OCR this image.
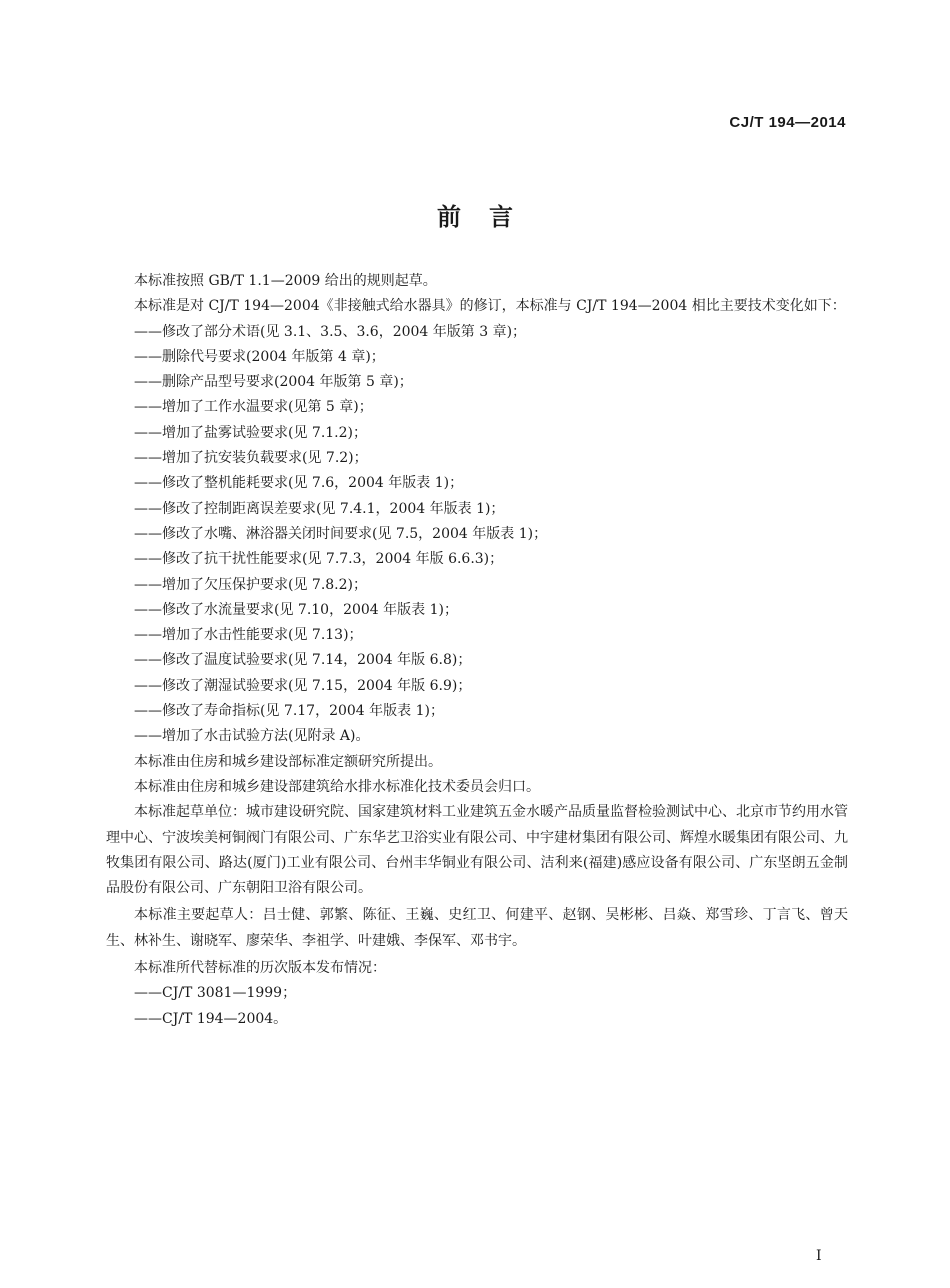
CJ/T 194—2014
前言

本标准按照 GB/T 1.1—2009 给出的规则起草。

本标准是对 CJ/T 194—2004《非接触式给水器具》的修订，本标准与 CJ/T 194—2004 相比主要技术变化如下：

——修改了部分术语(见 3.1、3.5、3.6，2004 年版第 3 章)；

——删除代号要求(2004 年版第 4 章)；

——删除产品型号要求(2004 年版第 5 章)；

——增加了工作水温要求(见第 5 章)；

——增加了盐雾试验要求(见 7.1.2)；

——增加了抗安装负载要求(见 7.2)；

——修改了整机能耗要求(见 7.6，2004 年版表 1)；

——修改了控制距离误差要求(见 7.4.1，2004 年版表 1)；

——修改了水嘴、淋浴器关闭时间要求(见 7.5，2004 年版表 1)；

——修改了抗干扰性能要求(见 7.7.3，2004 年版 6.6.3)；

——增加了欠压保护要求(见 7.8.2)；

——修改了水流量要求(见 7.10，2004 年版表 1)；

——增加了水击性能要求(见 7.13)；

——修改了温度试验要求(见 7.14，2004 年版 6.8)；

——修改了潮湿试验要求(见 7.15，2004 年版 6.9)；

——修改了寿命指标(见 7.17，2004 年版表 1)；

——增加了水击试验方法(见附录 A)。

本标准由住房和城乡建设部标准定额研究所提出。

本标准由住房和城乡建设部建筑给水排水标准化技术委员会归口。

本标准起草单位：城市建设研究院、国家建筑材料工业建筑五金水暖产品质量监督检验测试中心、北京市节约用水管理中心、宁波埃美柯铜阀门有限公司、广东华艺卫浴实业有限公司、中宇建材集团有限公司、辉煌水暖集团有限公司、九牧集团有限公司、路达(厦门)工业有限公司、台州丰华铜业有限公司、洁利来(福建)感应设备有限公司、广东坚朗五金制品股份有限公司、广东朝阳卫浴有限公司。

本标准主要起草人：吕士健、郭繁、陈征、王巍、史红卫、何建平、赵钢、吴彬彬、吕焱、郑雪珍、丁言飞、曾天生、林补生、谢晓军、廖荣华、李祖学、叶建娥、李保军、邓书宇。

本标准所代替标准的历次版本发布情况：

——CJ/T 3081—1999；

——CJ/T 194—2004。

I
